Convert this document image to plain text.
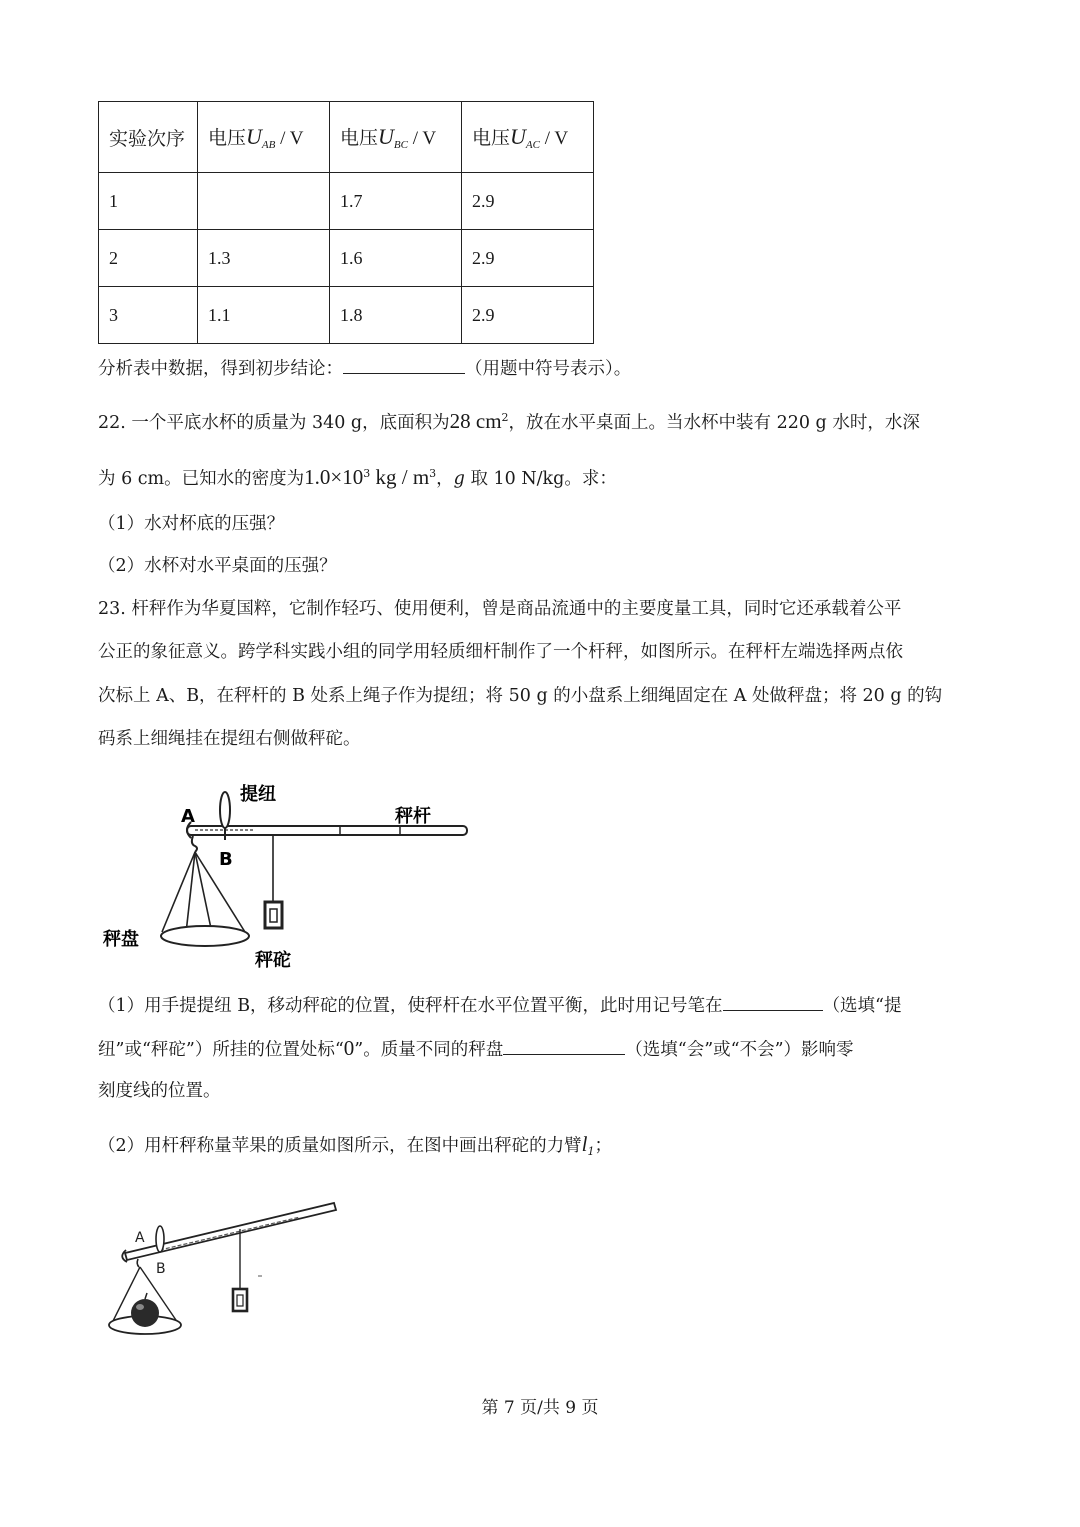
实验次序	电压$U_{AB}$ / V	电压$U_{BC}$ / V	电压$U_{AC}$ / V
1		1.7	2.9
2	1.3	1.6	2.9
3	1.1	1.8	2.9
分析表中数据，得到初步结论：	（用题中符号表示）。
22. 一个平底水杯的质量为 340 g，底面积为28 $cm^2$，放在水平桌面上。当水杯中装有 220 g 水时，水深
为 6 cm。已知水的密度为$1.0\times 10^3$ kg / $m^3$，g 取 10 N/kg。求：
（1）水对杯底的压强？
（2）水杯对水平桌面的压强？
23. 杆秤作为华夏国粹，它制作轻巧、使用便利，曾是商品流通中的主要度量工具，同时它还承载着公平
公正的象征意义。跨学科实践小组的同学用轻质细杆制作了一个杆秤，如图所示。在秤杆左端选择两点依
次标上 A、B，在秤杆的 B 处系上绳子作为提纽；将 50 g 的小盘系上细绳固定在 A 处做秤盘；将 20 g 的钩
码系上细绳挂在提纽右侧做秤砣。
提纽
秤杆
A
B
秤盘
秤砣
（1）用手提提纽 B，移动秤砣的位置，使秤杆在水平位置平衡，此时用记号笔在	（选填“提
纽”或“秤砣”）所挂的位置处标“0”。质量不同的秤盘	（选填“会”或“不会”）影响零
刻度线的位置。
（2）用杆秤称量苹果的质量如图所示，在图中画出秤砣的力臂$l_1$；
A
B
第 7 页/共 9 页
